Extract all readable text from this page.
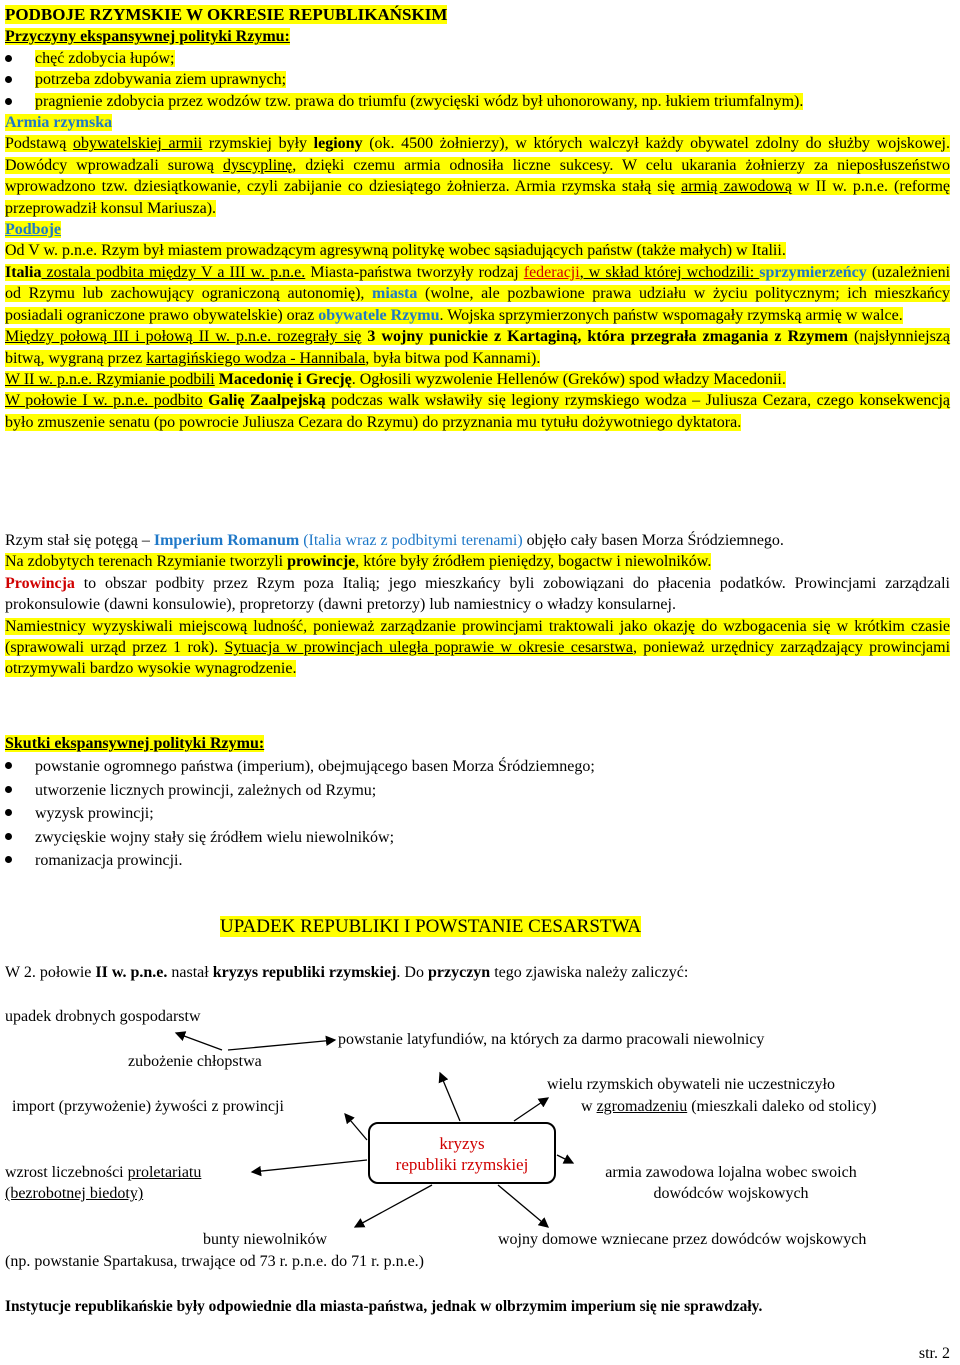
PODBOJE RZYMSKIE W OKRESIE REPUBLIKAŃSKIM
Przyczyny ekspansywnej polityki Rzymu:
chęć zdobycia łupów;
potrzeba zdobywania ziem uprawnych;
pragnienie zdobycia przez wodzów tzw. prawa do triumfu (zwycięski wódz był uhonorowany, np. łukiem triumfalnym).
Armia rzymska
Podstawą obywatelskiej armii rzymskiej były legiony (ok. 4500 żołnierzy), w których walczył każdy obywatel zdolny do służby wojskowej. Dowódcy wprowadzali surową dyscyplinę, dzięki czemu armia odnosiła liczne sukcesy. W celu ukarania żołnierzy za nieposłuszeństwo wprowadzono tzw. dziesiątkowanie, czyli zabijanie co dziesiątego żołnierza. Armia rzymska stałą się armią zawodową w II w. p.n.e. (reformę przeprowadził konsul Mariusza).
Podboje
Od V w. p.n.e. Rzym był miastem prowadzącym agresywną politykę wobec sąsiadujących państw (także małych) w Italii.
Italia zostala podbita między V a III w. p.n.e. Miasta-państwa tworzyły rodzaj federacji, w skład której wchodzili: sprzymierzeńcy (uzależnieni od Rzymu lub zachowujący ograniczoną autonomię), miasta (wolne, ale pozbawione prawa udziału w życiu politycznym; ich mieszkańcy posiadali ograniczone prawo obywatelskie) oraz obywatele Rzymu. Wojska sprzymierzonych państw wspomagały rzymską armię w walce.
Między połową III i połową II w. p.n.e. rozegrały się 3 wojny punickie z Kartaginą, która przegrała zmagania z Rzymem (najsłynniejszą bitwą, wygraną przez kartagińskiego wodza - Hannibala, była bitwa pod Kannami).
W II w. p.n.e. Rzymianie podbili Macedonię i Grecję. Ogłosili wyzwolenie Hellenów (Greków) spod władzy Macedonii.
W połowie I w. p.n.e. podbito Galię Zaalpejską podczas walk wsławiły się legiony rzymskiego wodza – Juliusza Cezara, czego konsekwencją było zmuszenie senatu (po powrocie Juliusza Cezara do Rzymu) do przyznania mu tytułu dożywotniego dyktatora.
Rzym stał się potęgą – Imperium Romanum (Italia wraz z podbitymi terenami) objęło cały basen Morza Śródziemnego.
Na zdobytych terenach Rzymianie tworzyli prowincje, które były źródłem pieniędzy, bogactw i niewolników.
Prowincja to obszar podbity przez Rzym poza Italią; jego mieszkańcy byli zobowiązani do płacenia podatków. Prowincjami zarządzali prokonsulowie (dawni konsulowie), propretorzy (dawni pretorzy) lub namiestnicy o władzy konsularnej.
Namiestnicy wyzyskiwali miejscową ludność, ponieważ zarządzanie prowincjami traktowali jako okazję do wzbogacenia się w krótkim czasie (sprawowali urząd przez 1 rok). Sytuacja w prowincjach uległa poprawie w okresie cesarstwa, ponieważ urzędnicy zarządzający prowincjami otrzymywali bardzo wysokie wynagrodzenie.
Skutki ekspansywnej polityki Rzymu:
powstanie ogromnego państwa (imperium), obejmującego basen Morza Śródziemnego;
utworzenie licznych prowincji, zależnych od Rzymu;
wyzysk prowincji;
zwycięskie wojny stały się źródłem wielu niewolników;
romanizacja prowincji.
UPADEK REPUBLIKI I POWSTANIE CESARSTWA
W 2. połowie II w. p.n.e. nastał kryzys republiki rzymskiej. Do przyczyn tego zjawiska należy zaliczyć:
upadek drobnych gospodarstw
powstanie latyfundiów, na których za darmo pracowali niewolnicy
zubożenie chłopstwa
wielu rzymskich obywateli nie uczestniczyło

w zgromadzeniu (mieszkali daleko od stolicy)
import (przywożenie) żywości z prowincji
kryzys
republiki rzymskiej
wzrost liczebności proletariatu
(bezrobotnej biedoty)
armia zawodowa lojalna wobec swoich
dowódców wojskowych
bunty niewolników
(np. powstanie Spartakusa, trwające od 73 r. p.n.e. do 71 r. p.n.e.)
wojny domowe wzniecane przez dowódców wojskowych
Instytucje republikańskie były odpowiednie dla miasta-państwa, jednak w olbrzymim imperium się nie sprawdzały.
str. 2
